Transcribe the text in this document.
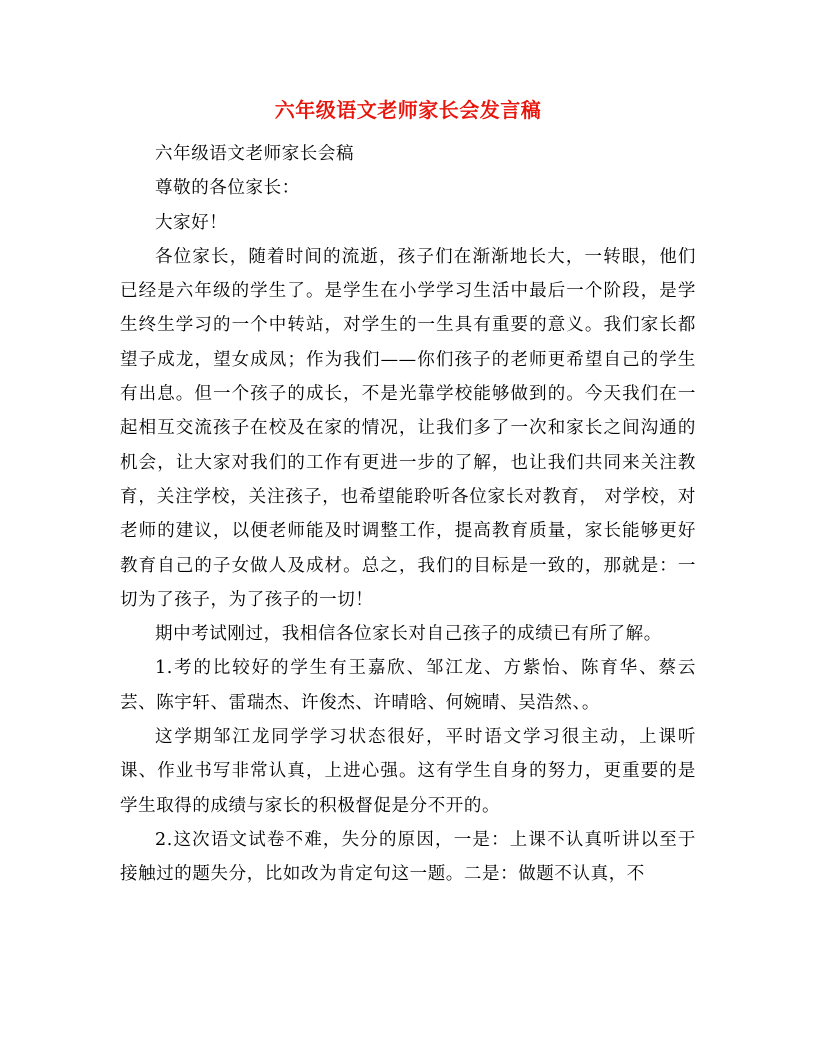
六年级语文老师家长会发言稿

六年级语文老师家长会稿

尊敬的各位家长：

大家好！

各位家长，随着时间的流逝，孩子们在渐渐地长大，一转眼，他们已经是六年级的学生了。是学生在小学学习生活中最后一个阶段，是学生终生学习的一个中转站，对学生的一生具有重要的意义。我们家长都望子成龙，望女成凤；作为我们——你们孩子的老师更希望自己的学生有出息。但一个孩子的成长，不是光靠学校能够做到的。今天我们在一起相互交流孩子在校及在家的情况，让我们多了一次和家长之间沟通的机会，让大家对我们的工作有更进一步的了解，也让我们共同来关注教育，关注学校，关注孩子，也希望能聆听各位家长对教育， 对学校，对老师的建议，以便老师能及时调整工作，提高教育质量，家长能够更好教育自己的子女做人及成材。总之，我们的目标是一致的，那就是：一切为了孩子，为了孩子的一切！

期中考试刚过，我相信各位家长对自己孩子的成绩已有所了解。

1.考的比较好的学生有王嘉欣、邹江龙、方紫怡、陈育华、蔡云芸、陈宇轩、雷瑞杰、许俊杰、许晴晗、何婉晴、吴浩然、。

这学期邹江龙同学学习状态很好，平时语文学习很主动，上课听课、作业书写非常认真，上进心强。这有学生自身的努力，更重要的是学生取得的成绩与家长的积极督促是分不开的。

2.这次语文试卷不难，失分的原因，一是：上课不认真听讲以至于接触过的题失分，比如改为肯定句这一题。二是：做题不认真，不
